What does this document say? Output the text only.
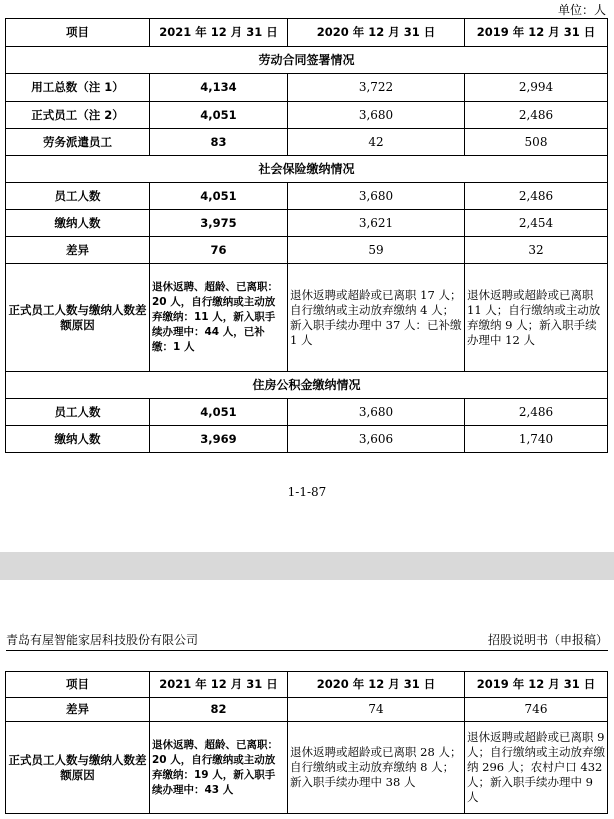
单位：人
项目	2021 年 12 月 31 日	2020 年 12 月 31 日	2019 年 12 月 31 日
劳动合同签署情况			
用工总数（注 1）	4,134	3,722	2,994
正式员工（注 2）	4,051	3,680	2,486
劳务派遣员工	83	42	508
社会保险缴纳情况			
员工人数	4,051	3,680	2,486
缴纳人数	3,975	3,621	2,454
差异	76	59	32
正式员工人数与缴纳人数差额原因	退休返聘、超龄、已离职：20 人，自行缴纳或主动放弃缴纳：11 人，新入职手续办理中：44 人，已补缴：1 人	退休返聘或超龄或已离职 17 人；自行缴纳或主动放弃缴纳 4 人；新入职手续办理中 37 人：已补缴 1 人	退休返聘或超龄或已离职 11 人；自行缴纳或主动放弃缴纳 9 人；新入职手续办理中 12 人
住房公积金缴纳情况			
员工人数	4,051	3,680	2,486
缴纳人数	3,969	3,606	1,740
1-1-87
青岛有屋智能家居科技股份有限公司	招股说明书（申报稿）
项目	2021 年 12 月 31 日	2020 年 12 月 31 日	2019 年 12 月 31 日
差异	82	74	746
正式员工人数与缴纳人数差额原因	退休返聘、超龄、已离职：20 人，自行缴纳或主动放弃缴纳：19 人，新入职手续办理中：43 人	退休返聘或超龄或已离职 28 人；自行缴纳或主动放弃缴纳 8 人；新入职手续办理中 38 人	退休返聘或超龄或已离职 9 人；自行缴纳或主动放弃缴纳 296 人；农村户口 432 人；新入职手续办理中 9 人
